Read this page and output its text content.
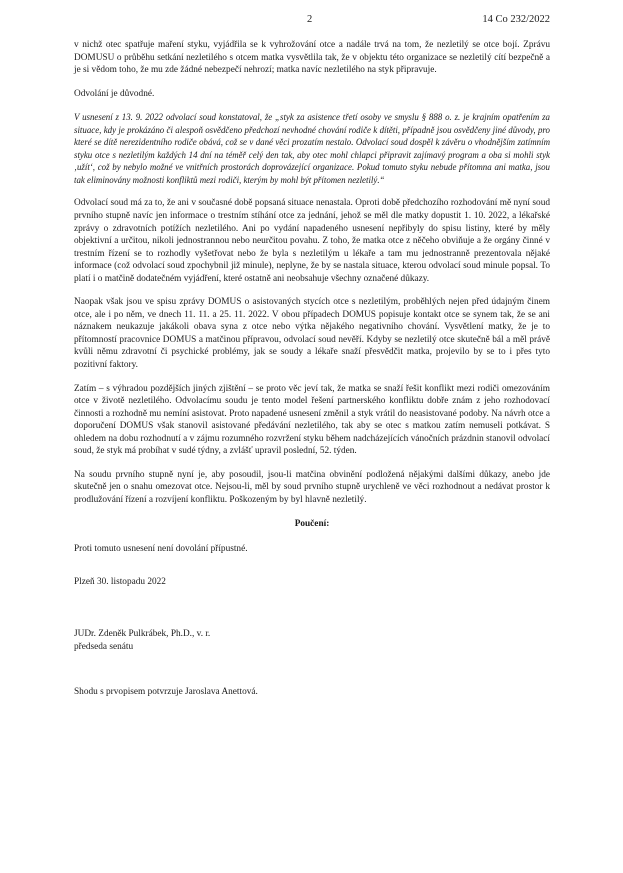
2	14 Co 232/2022

v nichž otec spatřuje maření styku, vyjádřila se k vyhrožování otce a nadále trvá na tom, že nezletilý se otce bojí. Zprávu DOMUSU o průběhu setkání nezletilého s otcem matka vysvětlila tak, že v objektu této organizace se nezletilý cítí bezpečně a je si vědom toho, že mu zde žádné nebezpečí nehrozí; matka navíc nezletilého na styk připravuje.

Odvolání je důvodné.

V usnesení z 13. 9. 2022 odvolací soud konstatoval, že „styk za asistence třetí osoby ve smyslu § 888 o. z. je krajním opatřením za situace, kdy je prokázáno či alespoň osvědčeno předchozí nevhodné chování rodiče k dítěti, případně jsou osvědčeny jiné důvody, pro které se dítě nerezidentního rodiče obává, což se v dané věci prozatím nestalo. Odvolací soud dospěl k závěru o vhodnějším zatímním styku otce s nezletilým každých 14 dní na téměř celý den tak, aby otec mohl chlapci připravit zajímavý program a oba si mohli styk ‚užít‘, což by nebylo možné ve vnitřních prostorách doprovázející organizace. Pokud tomuto styku nebude přítomna ani matka, jsou tak eliminovány možnosti konfliktů mezi rodiči, kterým by mohl být přítomen nezletilý.“

Odvolací soud má za to, že ani v současné době popsaná situace nenastala. Oproti době předchozího rozhodování mě nyní soud prvního stupně navíc jen informace o trestním stíhání otce za jednání, jehož se měl dle matky dopustit 1. 10. 2022, a lékařské zprávy o zdravotních potížích nezletilého. Ani po vydání napadeného usnesení nepřibyly do spisu listiny, které by měly objektivní a určitou, nikoli jednostrannou nebo neurčitou povahu. Z toho, že matka otce z něčeho obviňuje a že orgány činné v trestním řízení se to rozhodly vyšetřovat nebo že byla s nezletilým u lékaře a tam mu jednostranně prezentovala nějaké informace (což odvolací soud zpochybnil již minule), neplyne, že by se nastala situace, kterou odvolací soud minule popsal. To platí i o matčině dodatečném vyjádření, které ostatně ani neobsahuje všechny označené důkazy.

Naopak však jsou ve spisu zprávy DOMUS o asistovaných stycích otce s nezletilým, proběhlých nejen před údajným činem otce, ale i po něm, ve dnech 11. 11. a 25. 11. 2022. V obou případech DOMUS popisuje kontakt otce se synem tak, že se ani náznakem neukazuje jakákoli obava syna z otce nebo výtka nějakého negativního chování. Vysvětlení matky, že je to přítomností pracovnice DOMUS a matčinou přípravou, odvolací soud nevěří. Kdyby se nezletilý otce skutečně bál a měl právě kvůli němu zdravotní či psychické problémy, jak se soudy a lékaře snaží přesvědčit matka, projevilo by se to i přes tyto pozitivní faktory.

Zatím – s výhradou pozdějších jiných zjištění – se proto věc jeví tak, že matka se snaží řešit konflikt mezi rodiči omezováním otce v životě nezletilého. Odvolacímu soudu je tento model řešení partnerského konfliktu dobře znám z jeho rozhodovací činnosti a rozhodně mu nemíní asistovat. Proto napadené usnesení změnil a styk vrátil do neasistované podoby. Na návrh otce a doporučení DOMUS však stanovil asistované předávání nezletilého, tak aby se otec s matkou zatím nemuseli potkávat. S ohledem na dobu rozhodnutí a v zájmu rozumného rozvržení styku během nadcházejících vánočních prázdnin stanovil odvolací soud, že styk má probíhat v sudé týdny, a zvlášť upravil poslední, 52. týden.

Na soudu prvního stupně nyní je, aby posoudil, jsou-li matčina obvinění podložená nějakými dalšími důkazy, anebo jde skutečně jen o snahu omezovat otce. Nejsou-li, měl by soud prvního stupně urychleně ve věci rozhodnout a nedávat prostor k prodlužování řízení a rozvíjení konfliktu. Poškozeným by byl hlavně nezletilý.

Poučení:

Proti tomuto usnesení není dovolání přípustné.

Plzeň 30. listopadu 2022

JUDr. Zdeněk Pulkrábek, Ph.D., v. r.

předseda senátu

Shodu s prvopisem potvrzuje Jaroslava Anettová.
